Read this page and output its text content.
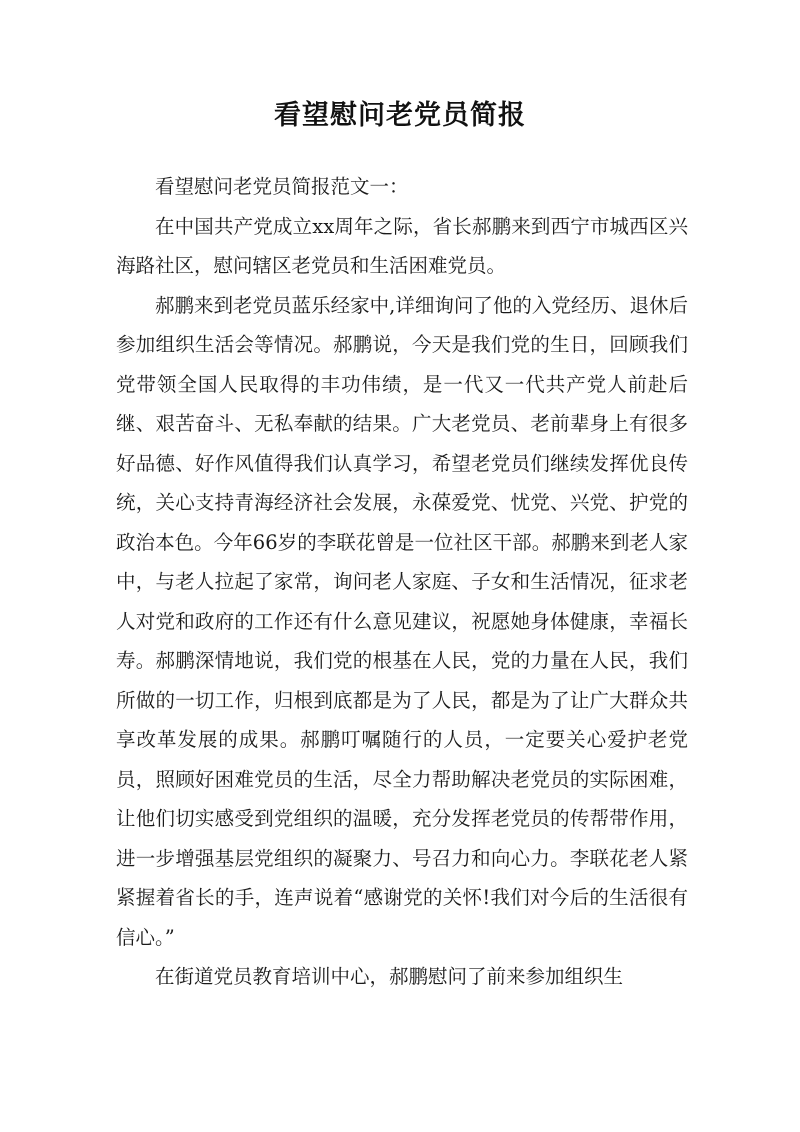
看望慰问老党员简报

看望慰问老党员简报范文一：

在中国共产党成立xx周年之际，省长郝鹏来到西宁市城西区兴海路社区，慰问辖区老党员和生活困难党员。

郝鹏来到老党员蓝乐经家中,详细询问了他的入党经历、退休后参加组织生活会等情况。郝鹏说，今天是我们党的生日，回顾我们党带领全国人民取得的丰功伟绩，是一代又一代共产党人前赴后继、艰苦奋斗、无私奉献的结果。广大老党员、老前辈身上有很多好品德、好作风值得我们认真学习，希望老党员们继续发挥优良传统，关心支持青海经济社会发展，永葆爱党、忧党、兴党、护党的政治本色。今年66岁的李联花曾是一位社区干部。郝鹏来到老人家中，与老人拉起了家常，询问老人家庭、子女和生活情况，征求老人对党和政府的工作还有什么意见建议，祝愿她身体健康，幸福长寿。郝鹏深情地说，我们党的根基在人民，党的力量在人民，我们所做的一切工作，归根到底都是为了人民，都是为了让广大群众共享改革发展的成果。郝鹏叮嘱随行的人员，一定要关心爱护老党员，照顾好困难党员的生活，尽全力帮助解决老党员的实际困难，让他们切实感受到党组织的温暖，充分发挥老党员的传帮带作用，进一步增强基层党组织的凝聚力、号召力和向心力。李联花老人紧紧握着省长的手，连声说着“感谢党的关怀!我们对今后的生活很有信心。”

在街道党员教育培训中心，郝鹏慰问了前来参加组织生
